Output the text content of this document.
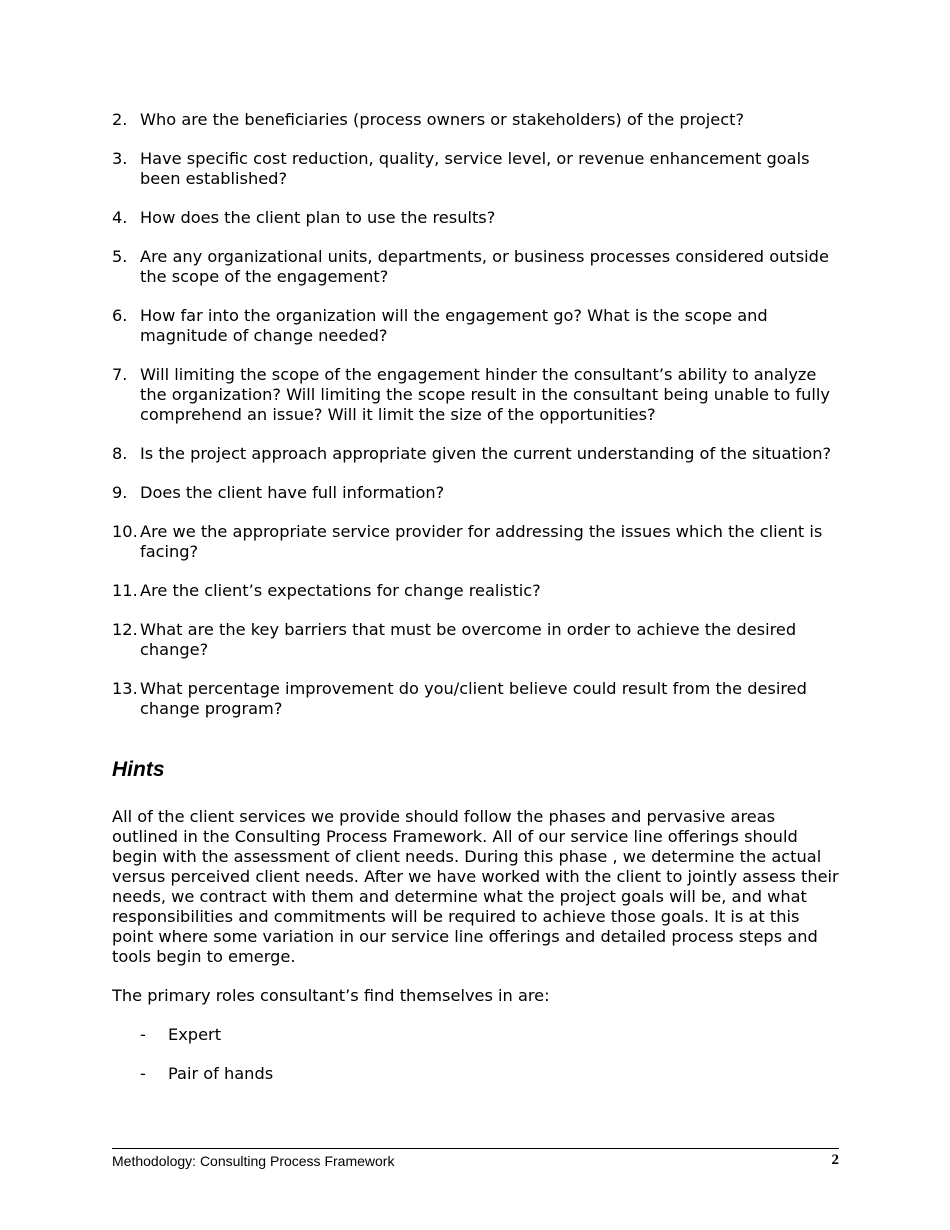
2. Who are the beneficiaries (process owners or stakeholders) of the project?
3. Have specific cost reduction, quality, service level, or revenue enhancement goals been established?
4. How does the client plan to use the results?
5. Are any organizational units, departments, or business processes considered outside the scope of the engagement?
6. How far into the organization will the engagement go? What is the scope and magnitude of change needed?
7. Will limiting the scope of the engagement hinder the consultant’s ability to analyze the organization? Will limiting the scope result in the consultant being unable to fully comprehend an issue? Will it limit the size of the opportunities?
8. Is the project approach appropriate given the current understanding of the situation?
9. Does the client have full information?
10. Are we the appropriate service provider for addressing the issues which the client is facing?
11. Are the client’s expectations for change realistic?
12. What are the key barriers that must be overcome in order to achieve the desired change?
13. What percentage improvement do you/client believe could result from the desired change program?
Hints

All of the client services we provide should follow the phases and pervasive areas outlined in the Consulting Process Framework. All of our service line offerings should begin with the assessment of client needs. During this phase , we determine the actual versus perceived client needs. After we have worked with the client to jointly assess their needs, we contract with them and determine what the project goals will be, and what responsibilities and commitments will be required to achieve those goals. It is at this point where some variation in our service line offerings and detailed process steps and tools begin to emerge.

The primary roles consultant’s find themselves in are:

- Expert
- Pair of hands
Methodology: Consulting Process Framework	2
